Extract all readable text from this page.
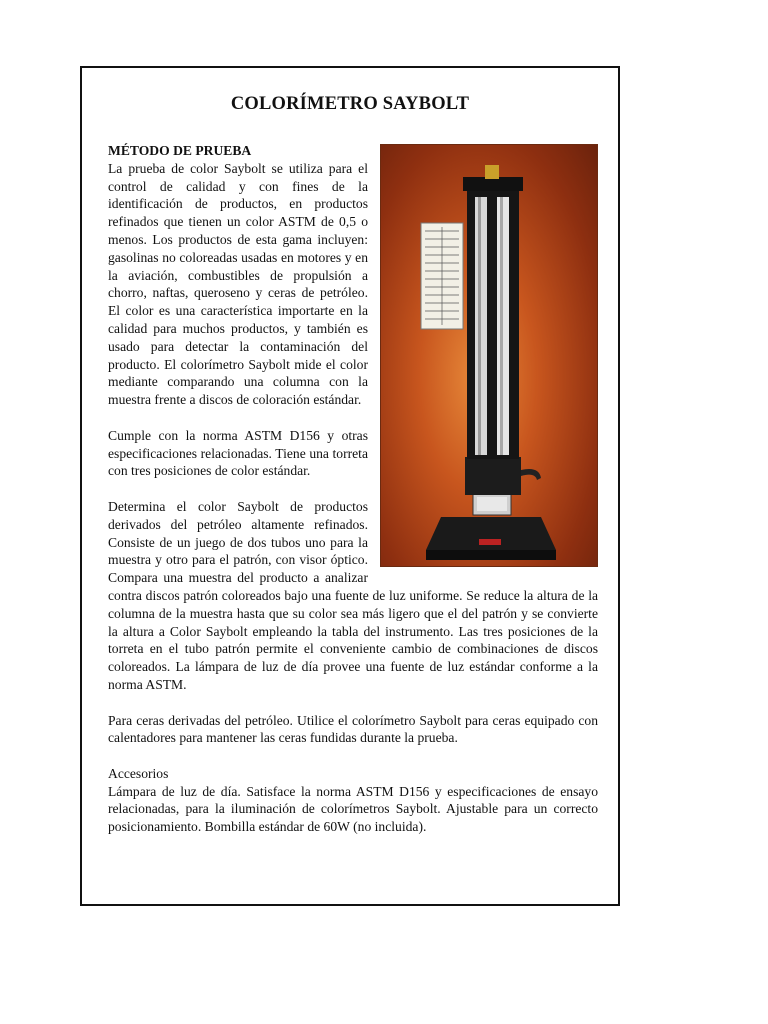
COLORÍMETRO SAYBOLT
MÉTODO DE PRUEBA

La prueba de color Saybolt se utiliza para el control de calidad y con fines de la identificación de productos, en productos refinados que tienen un color ASTM de 0,5 o menos. Los productos de esta gama incluyen: gasolinas no coloreadas usadas en motores y en la aviación, combustibles de propulsión a chorro, naftas, queroseno y ceras de petróleo. El color es una característica importarte en la calidad para muchos productos, y también es usado para detectar la contaminación del producto. El colorímetro Saybolt mide el color mediante comparando una columna con la muestra frente a discos de coloración estándar.

Cumple con la norma ASTM D156 y otras especificaciones relacionadas. Tiene una torreta con tres posiciones de color estándar.

Determina el color Saybolt de productos derivados del petróleo altamente refinados. Consiste de un juego de dos tubos uno para la muestra y otro para el patrón, con visor óptico. Compara una muestra del producto a analizar contra discos patrón coloreados bajo una fuente de luz uniforme. Se reduce la altura de la columna de la muestra hasta que su color sea más ligero que el del patrón y se convierte la altura a Color Saybolt empleando la tabla del instrumento. Las tres posiciones de la torreta en el tubo patrón permite el conveniente cambio de combinaciones de discos coloreados. La lámpara de luz de día provee una fuente de luz estándar conforme a la norma ASTM.

Para ceras derivadas del petróleo. Utilice el colorímetro Saybolt para ceras equipado con calentadores para mantener las ceras fundidas durante la prueba.

Accesorios

Lámpara de luz de día. Satisface la norma ASTM D156 y especificaciones de ensayo relacionadas, para la iluminación de colorímetros Saybolt. Ajustable para un correcto posicionamiento. Bombilla estándar de 60W (no incluida).
